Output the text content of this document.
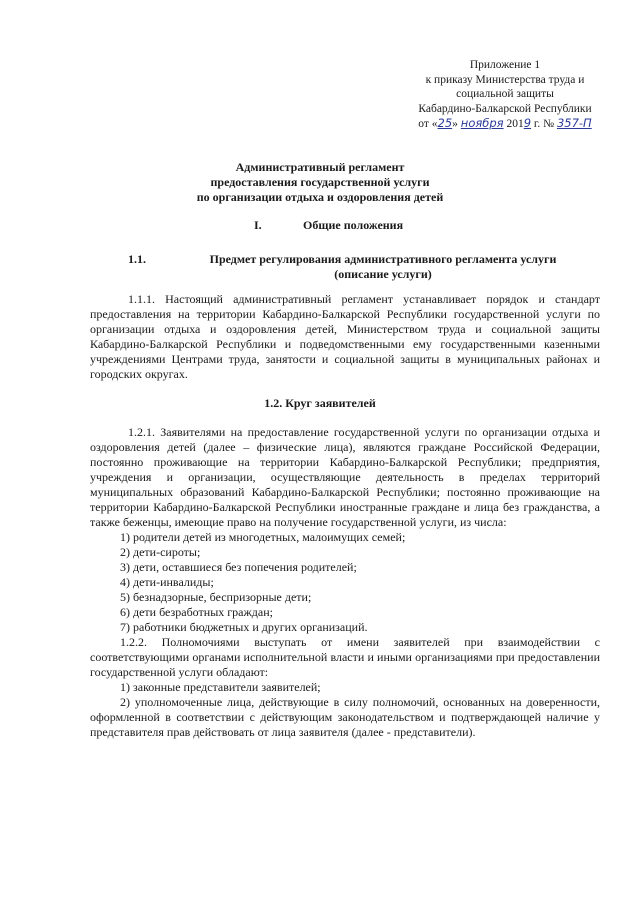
Приложение 1
к приказу Министерства труда и
социальной защиты
Кабардино-Балкарской Республики
от «25» ноября 2019 г. № 357-П
Административный регламент
предоставления государственной услуги
по организации отдыха и оздоровления детей
I.	Общие положения
1.1.	Предмет регулирования административного регламента услуги
(описание услуги)

1.1.1. Настоящий административный регламент устанавливает порядок и стандарт предоставления на территории Кабардино-Балкарской Республики государственной услуги по организации отдыха и оздоровления детей, Министерством труда и социальной защиты Кабардино-Балкарской Республики и подведомственными ему государственными казенными учреждениями Центрами труда, занятости и социальной защиты в муниципальных районах и городских округах.

1.2. Круг заявителей

1.2.1. Заявителями на предоставление государственной услуги по организации отдыха и оздоровления детей (далее – физические лица), являются граждане Российской Федерации, постоянно проживающие на территории Кабардино-Балкарской Республики; предприятия, учреждения и организации, осуществляющие деятельность в пределах территорий муниципальных образований Кабардино-Балкарской Республики; постоянно проживающие на территории Кабардино-Балкарской Республики иностранные граждане и лица без гражданства, а также беженцы, имеющие право на получение государственной услуги, из числа:

1) родители детей из многодетных, малоимущих семей;

2) дети-сироты;

3) дети, оставшиеся без попечения родителей;

4) дети-инвалиды;

5) безнадзорные, беспризорные дети;

6) дети безработных граждан;

7) работники бюджетных и других организаций.

1.2.2. Полномочиями выступать от имени заявителей при взаимодействии с соответствующими органами исполнительной власти и иными организациями при предоставлении государственной услуги обладают:

1) законные представители заявителей;

2) уполномоченные лица, действующие в силу полномочий, основанных на доверенности, оформленной в соответствии с действующим законодательством и подтверждающей наличие у представителя прав действовать от лица заявителя (далее - представители).
